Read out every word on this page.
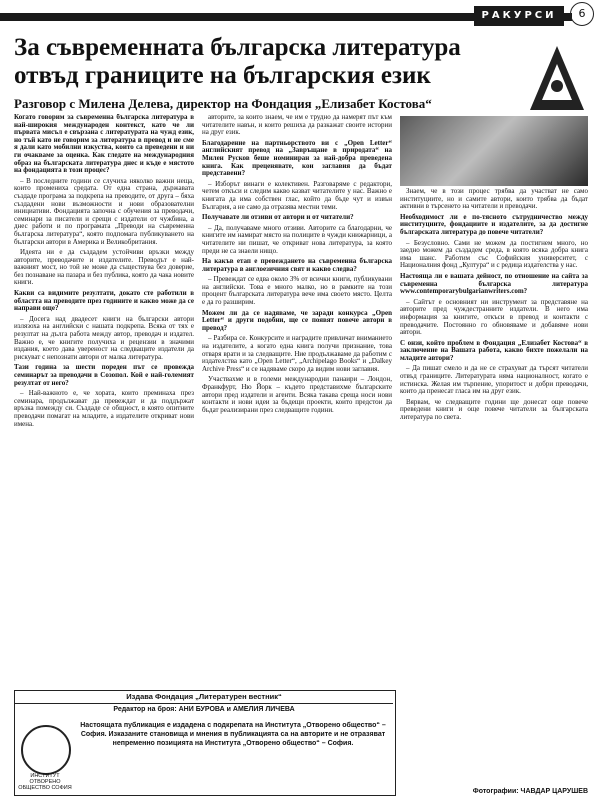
РАКУРСИ	6
За съвременната българска литература отвъд границите на българския език
Разговор с Милена Делева, директор на Фондация „Елизабет Костова“

Когато говорим за съвременна българска литература в най-широкия международен контекст, като че ли първата мисъл е свързана с литературата на чужд език, но тъй като не говорим за литература в превод и не сме я дали като мобилни изкуства, които са преведени и ни ги очакваме за оценка. Как гледате на международния образ на българската литература днес и къде е мястото на фондацията в този процес?

– В последните години се случиха няколко важни неща, които промениха средата. От една страна, държавата създаде програма за подкрепа на преводите, от друга – бяха създадени нови възможности и нови образователни инициативи. Фондацията започна с обучения за преводачи, семинари за писатели и срещи с издатели от чужбина, а днес работи и по програмата „Преводи на съвременна българска литература“, която подпомага публикуването на български автори в Америка и Великобритания.

Идеята ни е да създадем устойчиви връзки между авторите, преводачите и издателите. Преводът е най-важният мост, но той не може да съществува без доверие, без познаване на пазара и без публика, която да чака новите книги.

Какви са видимите резултати, докато сте работили в областта на преводите през годините и какво може да се направи още?

– Досега над двадесет книги на български автори излязоха на английски с нашата подкрепа. Всяка от тях е резултат на дълга работа между автор, преводач и издател. Важно е, че книгите получиха и рецензии в значими издания, което дава увереност на следващите издатели да рискуват с непознати автори от малка литература.

Тази година за шести пореден път се провежда семинарът за преводачи в Созопол. Кой е най-големият резултат от него?

– Най-важното е, че хората, които преминаха през семинара, продължават да превеждат и да поддържат връзка помежду си. Създаде се общност, в която опитните преводачи помагат на младите, а издателите откриват нови имена.

авторите, за които знаем, че им е трудно да намерят път към читателите навън, и които решиха да разкажат своите истории на друг език.

Благодарение на партньорството ви с „Open Letter“ английският превод на „Завръщане в природата“ на Милен Русков беше номиниран за най-добра преведена книга. Как преценявате, кои заглавия да бъдат представени?

– Изборът винаги е колективен. Разговаряме с редактори, четем откъси и следим какво казват читателите у нас. Важно е книгата да има собствен глас, който да бъде чут и извън България, а не само да отразява местни теми.

Получавате ли отзиви от автори и от читатели?

– Да, получаваме много отзиви. Авторите са благодарни, че книгите им намират място на полиците в чужди книжарници, а читателите ни пишат, че откриват нова литература, за която преди не са знаели нищо.

На какъв етап е превеждането на съвременна българска литература в англоезичния свят и какво следва?

– Превеждат се едва около 3% от всички книги, публикувани на английски. Това е много малко, но в рамките на този процент българската литература вече има своето място. Целта е да го разширим.

Можем ли да се надяваме, че заради конкурса „Open Letter“ и други подобни, ще се появят повече автори в превод?

– Разбира се. Конкурсите и наградите привличат вниманието на издателите, а когато една книга получи признание, това отваря врати и за следващите. Ние продължаваме да работим с издателства като „Open Letter“, „Archipelago Books“ и „Dalkey Archive Press“ и се надяваме скоро да видим нови заглавия.

Участвахме и в големи международни панаири – Лондон, Франкфурт, Ню Йорк – където представихме българските автори пред издатели и агенти. Всяка такава среща носи нови контакти и нови идеи за бъдещи проекти, които предстои да бъдат реализирани през следващите години.

Знаем, че в този процес трябва да участват не само институциите, но и самите автори, които трябва да бъдат активни в търсенето на читатели и преводачи.

Необходимост ли е по-тясното сътрудничество между институциите, фондациите и издателите, за да достигне българската литература до повече читатели?

– Безусловно. Сами не можем да постигнем много, но заедно можем да създадем среда, в която всяка добра книга има шанс. Работим със Софийския университет, с Националния фонд „Култура“ и с редица издателства у нас.

Настояща ли е вашата дейност, по отношение на сайта за съвременна българска литература www.contemporarybulgarianwriters.com?

– Сайтът е основният ни инструмент за представяне на авторите пред чуждестранните издатели. В него има информация за книгите, откъси в превод и контакти с преводачите. Постоянно го обновяваме и добавяме нови автори.

С онзи, който проблем в Фондация „Елизабет Костова“ в заключение на Вашата работа, какво бихте пожелали на младите автори?

– Да пишат смело и да не се страхуват да търсят читатели отвъд границите. Литературата няма националност, когато е истинска. Желая им търпение, упоритост и добри преводачи, които да пренесат гласа им на друг език.

Вярвам, че следващите години ще донесат още повече преведени книги и още повече читатели за българската литература по света.

Издава Фондация „Литературен вестник“
Редактор на броя: АНИ БУРОВА и АМЕЛИЯ ЛИЧЕВА
ИНСТИТУТ ОТВОРЕНО ОБЩЕСТВО СОФИЯ
Настоящата публикация е издадена с подкрепата на Института „Отворено общество“ – София. Изказаните становища и мнения в публикацията са на авторите и не отразяват непременно позицията на Института „Отворено общество“ – София.
Фотографии: ЧАВДАР ЦАРУШЕВ
